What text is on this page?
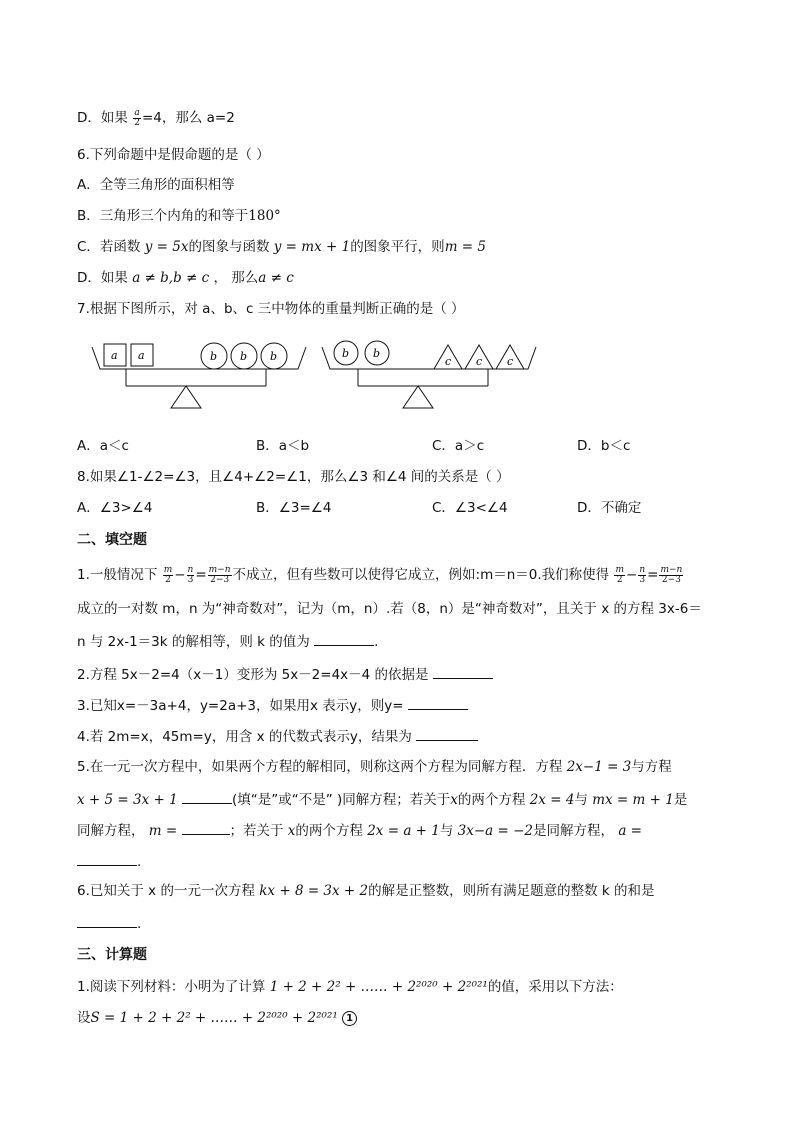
D．如果 $\frac{a}{2} =4$，那么 a=2
6.下列命题中是假命题的是（ ）
A．全等三角形的面积相等
B．三角形三个内角的和等于180°
C．若函数 y = 5x的图象与函数 y = mx + 1的图象平行，则m = 5
D．如果 a ≠ b,b ≠ c ， 那么a ≠ c
7.根据下图所示，对 a、b、c 三中物体的重量判断正确的是（ ）
a a	b b b	b b
c c c
A．a＜c	B．a＜b	C．a＞c	D．b＜c
8.如果∠1-∠2=∠3，且∠4+∠2=∠1，那么∠3 和∠4 间的关系是（ ）
A．∠3>∠4	B．∠3=∠4	C．∠3<∠4	D．不确定
二、填空题
1.一般情况下 $\frac{m}{2} - \frac{n}{3} = \frac{m-n}{2-3}$ 不成立，但有些数可以使得它成立，例如:m＝n＝0.我们称使得 $\frac{m}{2} - \frac{n}{3} = \frac{m-n}{2-3}$
成立的一对数 m，n 为“神奇数对”，记为（m，n）.若（8，n）是“神奇数对”，且关于 x 的方程 3x-6＝
n 与 2x-1＝3k 的解相等，则 k 的值为	.
2.方程 5x－2=4（x－1）变形为 5x－2=4x－4 的依据是
3.已知x=－3a+4，y=2a+3，如果用x 表示y，则y=
4.若 2m=x，45m=y，用含 x 的代数式表示y，结果为
5.在一元一次方程中，如果两个方程的解相同，则称这两个方程为同解方程．方程 2x−1 = 3与方程
x + 5 = 3x + 1	(填“是”或“不是” )同解方程；若关于x的两个方程 2x = 4与 mx = m + 1是
同解方程， m =	；若关于 x的两个方程 2x = a + 1与 3x−a = −2是同解方程， a =
.
6.已知关于 x 的一元一次方程 kx + 8 = 3x + 2的解是正整数，则所有满足题意的整数 k 的和是
.
三、计算题
1.阅读下列材料：小明为了计算 1 + 2 + 2² + …… + 2²⁰²⁰ + 2²⁰²¹的值，采用以下方法：
设S = 1 + 2 + 2² + …… + 2²⁰²⁰ + 2²⁰²¹ 1
